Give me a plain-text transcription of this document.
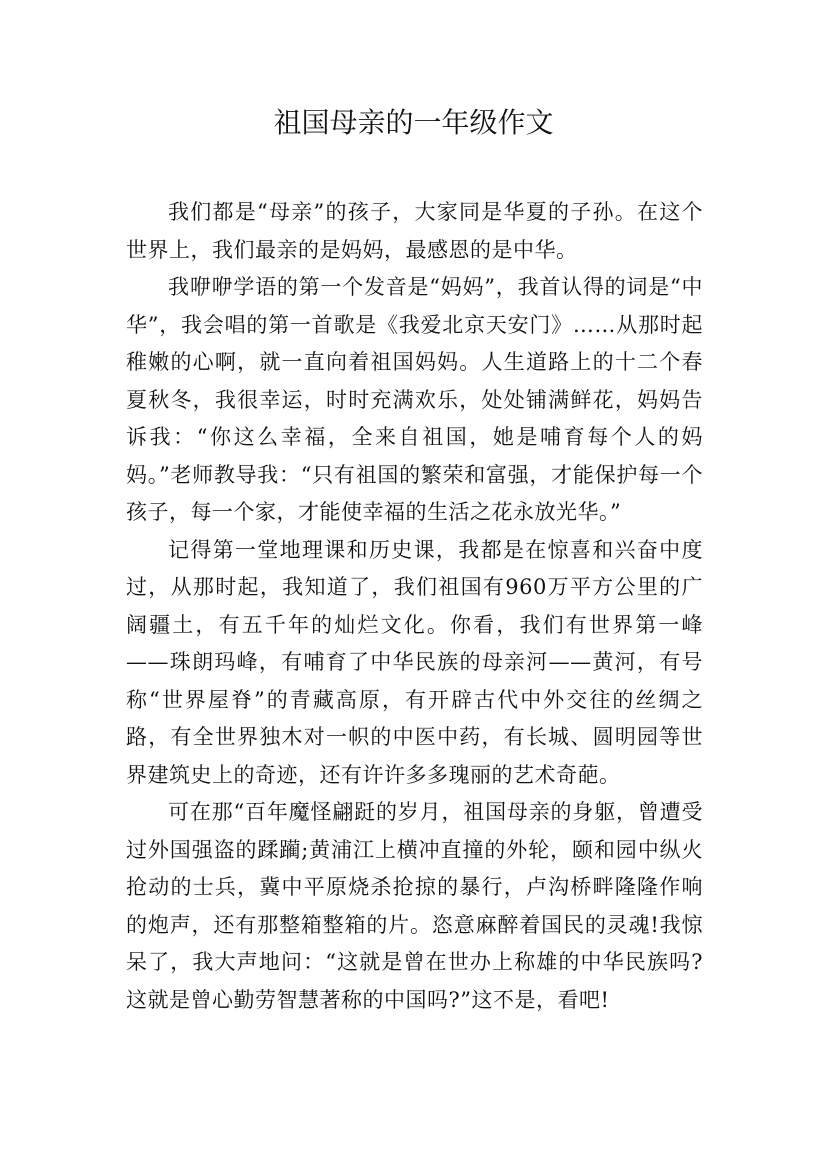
祖国母亲的一年级作文

我们都是“母亲”的孩子，大家同是华夏的子孙。在这个世界上，我们最亲的是妈妈，最感恩的是中华。

我咿咿学语的第一个发音是“妈妈”，我首认得的词是“中华”，我会唱的第一首歌是《我爱北京天安门》……从那时起稚嫩的心啊，就一直向着祖国妈妈。人生道路上的十二个春夏秋冬，我很幸运，时时充满欢乐，处处铺满鲜花，妈妈告诉我：“你这么幸福，全来自祖国，她是哺育每个人的妈妈。”老师教导我：“只有祖国的繁荣和富强，才能保护每一个孩子，每一个家，才能使幸福的生活之花永放光华。”

记得第一堂地理课和历史课，我都是在惊喜和兴奋中度过，从那时起，我知道了，我们祖国有960万平方公里的广阔疆土，有五千年的灿烂文化。你看，我们有世界第一峰——珠朗玛峰，有哺育了中华民族的母亲河——黄河，有号称“世界屋脊”的青藏高原，有开辟古代中外交往的丝绸之路，有全世界独木对一帜的中医中药，有长城、圆明园等世界建筑史上的奇迹，还有许许多多瑰丽的艺术奇葩。

可在那“百年魔怪翩跹的岁月，祖国母亲的身躯，曾遭受过外国强盗的蹂躏;黄浦江上横冲直撞的外轮，颐和园中纵火抢动的士兵，冀中平原烧杀抢掠的暴行，卢沟桥畔隆隆作响的炮声，还有那整箱整箱的片。恣意麻醉着国民的灵魂!我惊呆了，我大声地问：“这就是曾在世办上称雄的中华民族吗?这就是曾心勤劳智慧著称的中国吗?”这不是，看吧!
